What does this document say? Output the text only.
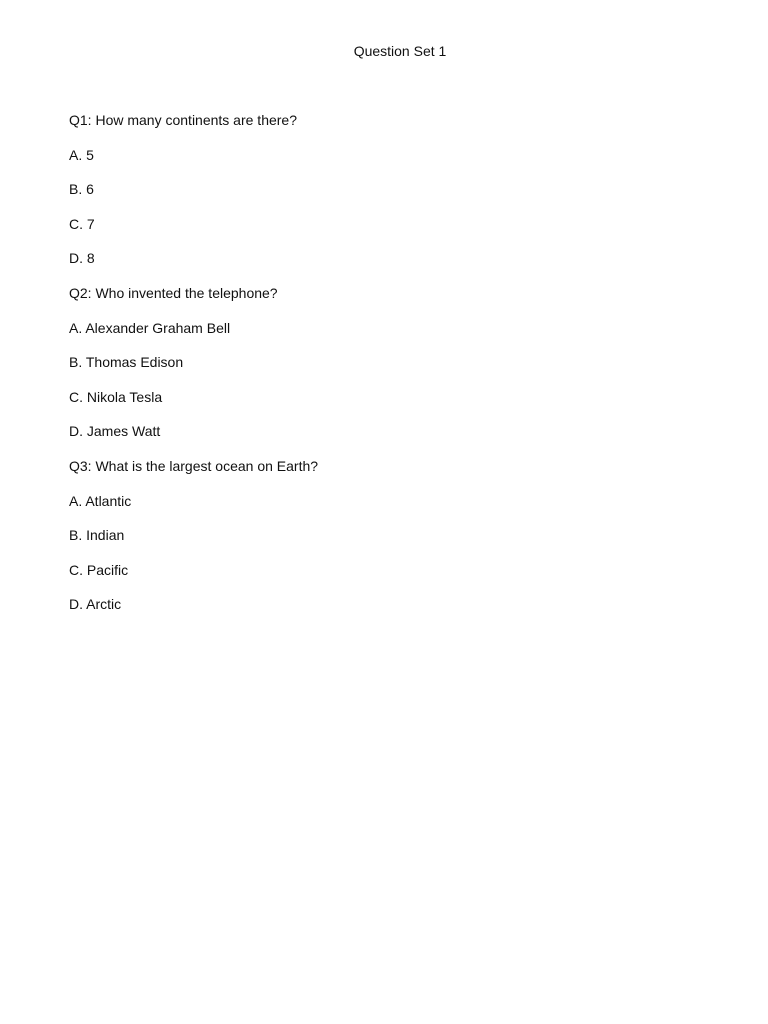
Question Set 1
Q1: How many continents are there?
A. 5
B. 6
C. 7
D. 8
Q2: Who invented the telephone?
A. Alexander Graham Bell
B. Thomas Edison
C. Nikola Tesla
D. James Watt
Q3: What is the largest ocean on Earth?
A. Atlantic
B. Indian
C. Pacific
D. Arctic
